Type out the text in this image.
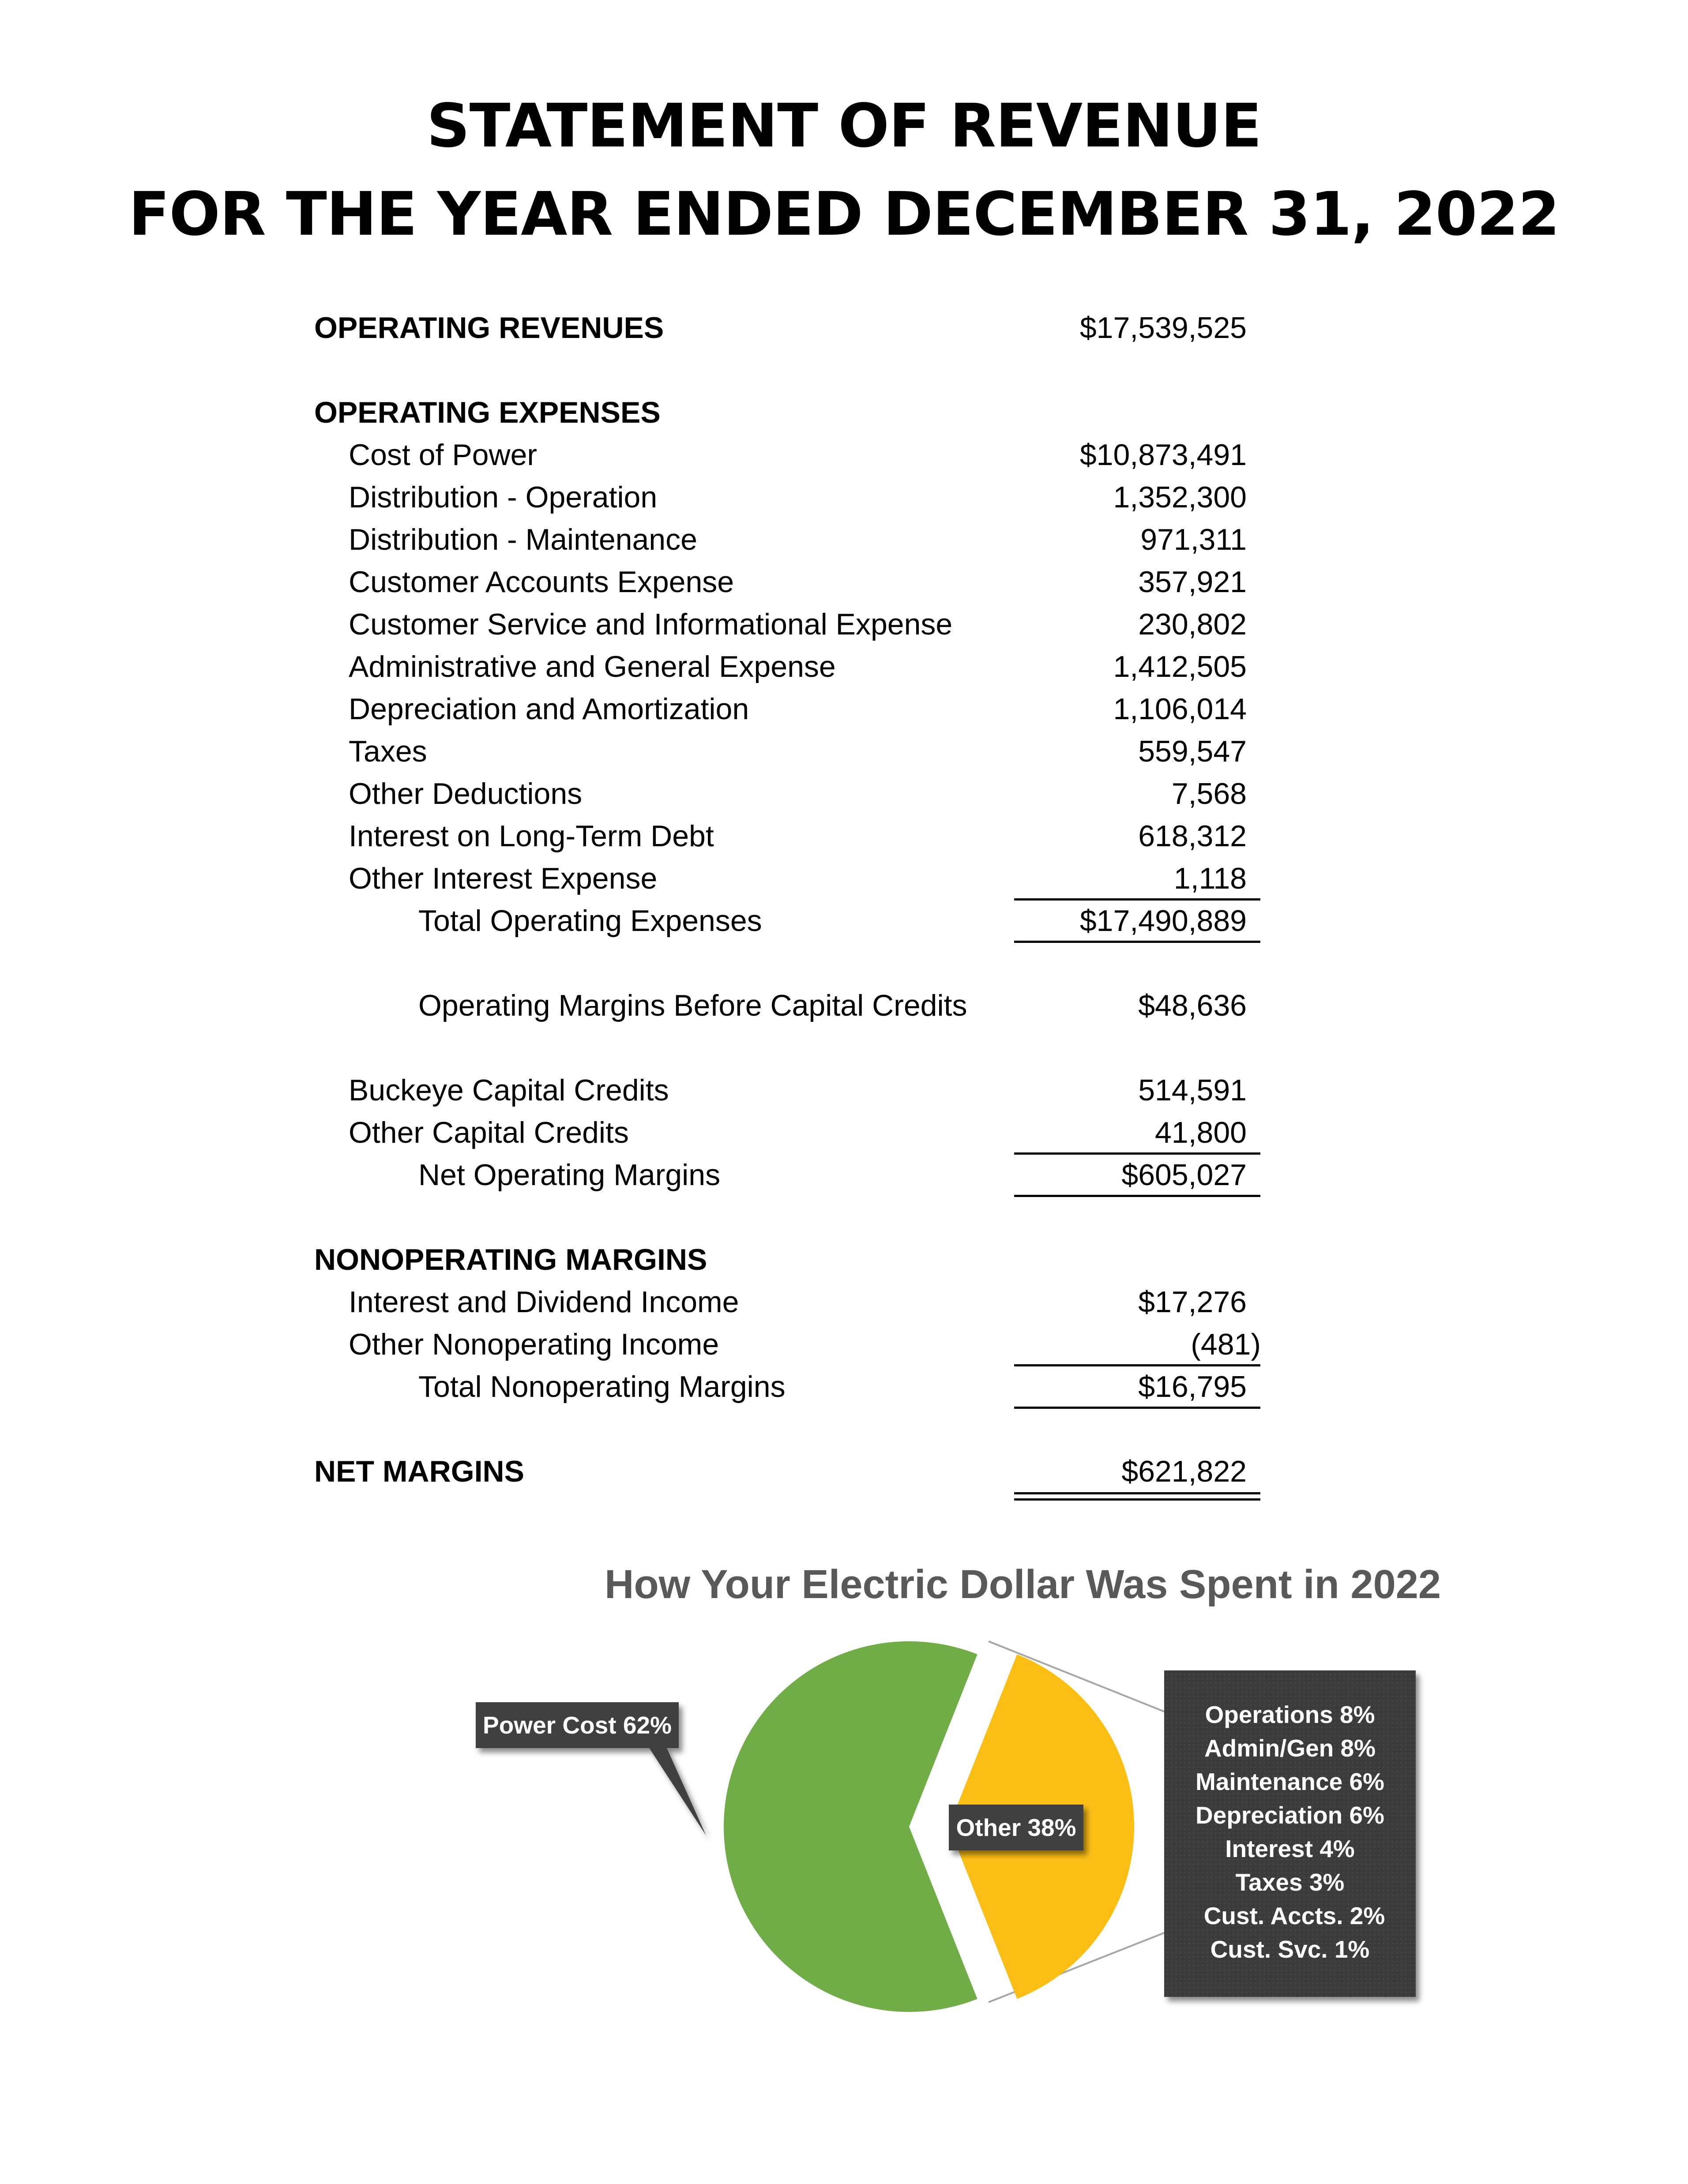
STATEMENT OF REVENUE
FOR THE YEAR ENDED DECEMBER 31, 2022
OPERATING REVENUES	$17,539,525
OPERATING EXPENSES
Cost of Power	$10,873,491
Distribution - Operation	1,352,300
Distribution - Maintenance	971,311
Customer Accounts Expense	357,921
Customer Service and Informational Expense	230,802
Administrative and General Expense	1,412,505
Depreciation and Amortization	1,106,014
Taxes	559,547
Other Deductions	7,568
Interest on Long-Term Debt	618,312
Other Interest Expense	1,118
Total Operating Expenses	$17,490,889
Operating Margins Before Capital Credits	$48,636
Buckeye Capital Credits	514,591
Other Capital Credits	41,800
Net Operating Margins	$605,027
NONOPERATING MARGINS
Interest and Dividend Income	$17,276
Other Nonoperating Income	(481)
Total Nonoperating Margins	$16,795
NET MARGINS	$621,822
How Your Electric Dollar Was Spent in 2022
Power Cost 62%
Other 38%
Operations 8%
Admin/Gen 8%
Maintenance 6%
Depreciation 6%
Interest 4%
Taxes 3%
Cust. Accts. 2%
Cust. Svc. 1%
